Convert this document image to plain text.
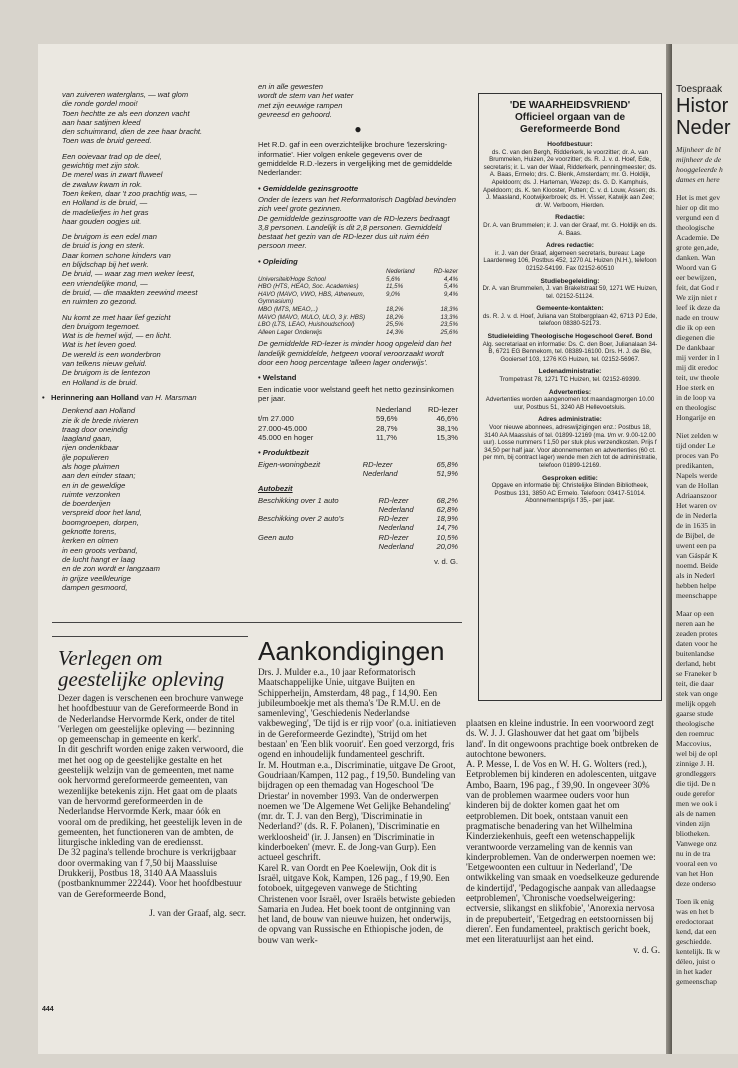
van zuiveren waterglans, — wat glom
die ronde gordel mooi!
Toen hechtte ze als een donzen vacht
aan haar satijnen kleed
den schuimrand, dien de zee haar bracht.
Toen was de bruid gereed.

Een ooievaar trad op de deel,
gewichtig met zijn stok.
De merel was in zwart fluweel
de zwaluw kwam in rok.
Toen keken, daar 't zoo prachtig was, —
en Holland is de bruid, —
de madeliefjes in het gras
haar gouden oogjes uit.

De bruigom is een edel man
de bruid is jong en sterk.
Daar komen schone kinders van
en blijdschap bij het werk.
De bruid, — waar zag men weker leest,
een vriendelijke mond, —
de bruid, — die maakten zeewind meest
en ruimten zo gezond.

Nu komt ze met haar lief gezicht
den bruigom tegemoet.
Wat is de hemel wijd, — en licht.
Wat is het leven goed.
De wereld is een wonderbron
van telkens nieuw geluid.
De bruigom is de lentezon
en Holland is de bruid.

•   Herinnering aan Holland van H. Marsman

Denkend aan Holland
zie ik de brede rivieren
traag door oneindig
laagland gaan,
rijen ondenkbaar
ijle populieren
als hoge pluimen
aan den einder staan;
en in de geweldige
ruimte verzonken
de boerderijen
verspreid door het land,
boomgroepen, dorpen,
geknotte torens,
kerken en olmen
in een groots verband,
de lucht hangt er laag
en de zon wordt er langzaam
in grijze veelkleurige
dampen gesmoord,

en in alle gewesten
wordt de stem van het water
met zijn eeuwige rampen
gevreesd en gehoord.

●

Het R.D. gaf in een overzichtelijke brochure 'lezerskring-informatie'. Hier volgen enkele gegevens over de gemiddelde R.D.-lezers in vergelijking met de gemiddelde Nederlander:

• Gemiddelde gezinsgrootte

Onder de lezers van het Reformatorisch Dagblad bevinden zich veel grote gezinnen.
De gemiddelde gezinsgrootte van de RD-lezers bedraagt 3,8 personen. Landelijk is dit 2,8 personen. Gemiddeld bestaat het gezin van de RD-lezer dus uit ruim één persoon meer.

• Opleiding
	Nederland	RD-lezer
Universiteit/Hoge School	5,6%	4,4%
HBO (HTS, HEAO, Soc. Academies)	11,5%	5,4%
HAVO (MAVO, VWO, HBS, Atheneum, Gymnasium)	9,0%	9,4%
MBO (MTS, MEAO,..)	18,2%	18,3%
MAVO (MAVO, MULO, ULO, 3 jr. HBS)	18,2%	13,3%
LBO (LTS, LEAO, Huishoudschool)	25,5%	23,5%
Alleen Lager Onderwijs	14,3%	25,6%

De gemiddelde RD-lezer is minder hoog opgeleid dan het landelijk gemiddelde, hetgeen vooral veroorzaakt wordt door een hoog percentage 'alleen lager onderwijs'.

• Welstand

Een indicatie voor welstand geeft het netto gezinsinkomen per jaar.

	Nederland	RD-lezer
t/m 27.000	59,6%	46,6%
27.000-45.000	28,7%	38,1%
45.000 en hoger	11,7%	15,3%
• Produktbezit
Eigen-woningbezit	RD-lezer	65,8%
	Nederland	51,9%
Autobezit
Beschikking over 1 auto	RD-lezer	68,2%
	Nederland	62,8%
Beschikking over 2 auto's	RD-lezer	18,9%
	Nederland	14,7%
Geen auto	RD-lezer	10,5%
	Nederland	20,0%
v. d. G.
'DE WAARHEIDSVRIEND'
Officieel orgaan van de Gereformeerde Bond
Hoofdbestuur:
ds. C. van den Bergh, Ridderkerk, le voorzitter; dr. A. van Brummelen, Huizen, 2e voorzitter; ds. R. J. v. d. Hoef, Ede, secretaris; ir. L. van der Waal, Ridderkerk, penningmeester; ds. A. Baas, Ermelo; drs. C. Blenk, Amsterdam; mr. G. Holdijk, Apeldoorn; ds. J. Harteman, Wezep; ds. G. D. Kamphuis, Apeldoorn; ds. K. ten Klooster, Putten; C. v. d. Louw, Assen; ds. J. Maasland, Kootwijkerbroek; ds. H. Visser, Katwijk aan Zee; dr. W. Verboom, Hierden.
Redactie:
Dr. A. van Brummelen; ir. J. van der Graaf, mr. G. Holdijk en ds. A. Baas.
Adres redactie:
ir. J. van der Graaf, algemeen secretaris, bureau: Lage Laarderweg 106, Postbus 452, 1270 AL Huizen (N.H.), telefoon 02152-54199. Fax 02152-60510
Studiebegeleiding:
Dr. A. van Brummelen, J. van Brakelstraat 59, 1271 WE Huizen, tel. 02152-51124.
Gemeente-kontakten:
ds. R. J. v. d. Hoef, Juliana van Stolbergplaan 42, 6713 PJ Ede, telefoon 08380-52173.
Studieleiding Theologische Hogeschool Geref. Bond
Alg. secretariaat en informatie: Ds. C. den Boer, Julianalaan 34-B, 6721 EG Bennekom, tel. 08389-16100. Drs. H. J. de Bie, Gooiersef 103, 1276 KG Huizen, tel. 02152-56967.
Ledenadministratie:
Trompetrast 78, 1271 TC Huizen, tel. 02152-69399.
Advertenties:
Advertenties worden aangenomen tot maandagmorgen 10.00 uur, Postbus 51, 3240 AB Hellevoetsluis.
Adres administratie:
Voor nieuwe abonnees, adreswijzigingen enz.: Postbus 18, 3140 AA Maassluis of tel. 01899-12169 (ma. t/m vr. 9.00-12.00 uur). Losse nummers f 1,50 per stuk plus verzendkosten. Prijs f 34,50 per half jaar. Voor abonnementen en advertenties (60 ct. per mm, bij contract lager) wende men zich tot de administratie, telefoon 01899-12169.
Gesproken editie:
Opgave en informatie bij: Christelijke Blinden Bibliotheek, Postbus 131, 3850 AC Ermelo. Telefoon: 03417-51014. Abonnementsprijs f 35,- per jaar.
Verlegen om geestelijke opleving

Dezer dagen is verschenen een brochure vanwege het hoofdbestuur van de Gereformeerde Bond in de Nederlandse Hervormde Kerk, onder de titel 'Verlegen om geestelijke opleving — bezinning op gemeenschap in gemeente en kerk'.

In dit geschrift worden enige zaken verwoord, die met het oog op de geestelijke gestalte en het geestelijk welzijn van de gemeenten, met name ook hervormd gereformeerde gemeenten, van wezenlijke betekenis zijn. Het gaat om de plaats van de hervormd gereformeerden in de Nederlandse Hervormde Kerk, maar óók en vooral om de prediking, het geestelijk leven in de gemeenten, het functioneren van de ambten, de liturgische inkleding van de erediensst.

De 32 pagina's tellende brochure is verkrijgbaar door overmaking van f 7,50 bij Maassluise Drukkerij, Postbus 18, 3140 AA Maassluis (postbanknummer 22244). Voor het hoofdbestuur van de Gereformeerde Bond,

J. van der Graaf, alg. secr.

Aankondigingen

Drs. J. Mulder e.a., 10 jaar Reformatorisch Maatschappelijke Unie, uitgave Buijten en Schipperheijn, Amsterdam, 48 pag., f 14,90. Een jubileumboekje met als thema's 'De R.M.U. en de samenleving', 'Geschiedenis Nederlandse vakbeweging', 'De tijd is er rijp voor' (o.a. initiatieven in de Gereformeerde Gezindte), 'Strijd om het bestaan' en 'Een blik vooruit'. Een goed verzorgd, fris ogend en inhoudelijk fundamenteel geschrift.

Ir. M. Houtman e.a., Discriminatie, uitgave De Groot, Goudriaan/Kampen, 112 pag., f 19,50. Bundeling van bijdragen op een themadag van Hogeschool 'De Driestar' in november 1993. Van de onderwerpen noemen we 'De Algemene Wet Gelijke Behandeling' (mr. dr. T. J. van den Berg), 'Discriminatie in Nederland?' (ds. R. F. Polanen), 'Discriminatie en werkloosheid' (ir. J. Jansen) en 'Discriminatie in kinderboeken' (mevr. E. de Jong-van Gurp). Een actueel geschrift.

Karel R. van Oordt en Pee Koelewijn, Ook dit is Israël, uitgave Kok, Kampen, 126 pag., f 19,90. Een fotoboek, uitgegeven vanwege de Stichting Christenen voor Israël, over Israëls betwiste gebieden Samaria en Judea. Het boek toont de ontginning van het land, de bouw van nieuwe huizen, het onderwijs, de opvang van Russische en Ethiopische joden, de bouw van werk-

plaatsen en kleine industrie. In een voorwoord zegt ds. W. J. J. Glashouwer dat het gaat om 'bijbels land'. In dit ongewoons prachtige boek ontbreken de autochtone bewoners.

A. P. Messe, I. de Vos en W. H. G. Wolters (red.), Eetproblemen bij kinderen en adolescenten, uitgave Ambo, Baarn, 196 pag., f 39,90. In ongeveer 30% van de problemen waarmee ouders voor hun kinderen bij de dokter komen gaat het om eetproblemen. Dit boek, ontstaan vanuit een pragmatische benadering van het Wilhelmina Kinderziekenhuis, geeft een wetenschappelijk verantwoorde verzameling van de kennis van kinderproblemen. Van de onderwerpen noemen we: 'Eetgewoonten een cultuur in Nederland', 'De ontwikkeling van smaak en voedselkeuze gedurende de kindertijd', 'Pedagogische aanpak van alledaagse eetproblemen', 'Chronische voedselweigering: ectversie, slikangst en slikfobie', 'Anorexia nervosa in de prepuberteit', 'Eetgedrag en eetstoornissen bij dieren'. Een fundamenteel, praktisch gericht boek, met een literatuurlijst aan het eind.

v. d. G.

444
Toespraak
Histor
Neder
Mijnheer de bl
mijnheer de de
hooggeleerde h
dames en here
Het is met gev
hier op dit mo
vergund een d
theologische
Academie. De
grote gen,ade,
danken. Wan
Woord van G
eer bewijzen,
feit, dat God r
We zijn niet r
leef ik deze da
nade en trouw
die ik op een
diegenen die
De dankbaar
mij verder in l
mij dit eredoc
teit, uw theole
Hoe sterk en
in de loop va
en theologisc
Hongarije en
Niet zelden w
tijd onder Le
proces van Po
predikanten,
Napels werde
van de Hollan
Adriaanszoor
Het waren ov
de in Nederla
de in 1635 in
de Bijbel, de
uwent een pa
van Gáspár K
noemd. Beide
als in Nederl
hebben helpe
meenschappe
Maar op een
neren aan he
zeaden protes
daten voor he
buitenlandse
derland, hebt
se Franeker b
teit, die daar
stek van onge
melijk opgeh
gaarse stude
theologische
den roemruc
Maccovius,
wel bij de opl
zinnige J. H.
grondleggers
die tijd. De n
oude gerefor
men we ook i
als de namen
vinden zijn
bliotheken.
Vanwege onz
nu in de tra
vooral een vo
van het Hon
deze onderso
Toen ik enig
was en het b
eredoctoraat
kend, dat een
geschiedde.
kentelijk. Ik w
déleo, juist o
in het kader
gemeenschap
